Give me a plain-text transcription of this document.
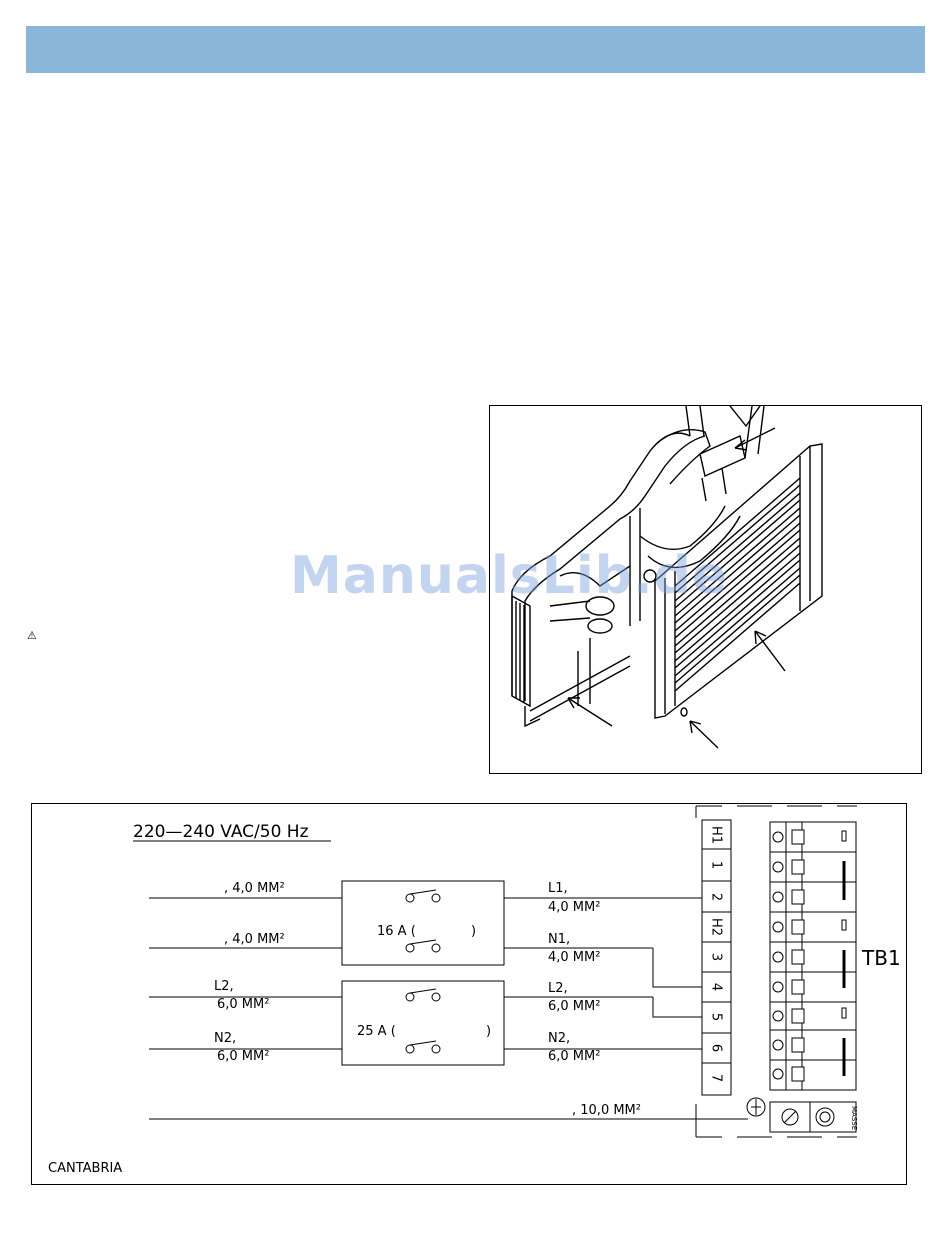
⚠
ManualsLib.de
220—240 VAC/50 Hz
, 4,0 MM²
, 4,0 MM²
L2,
6,0 MM²
N2,
6,0 MM²
, 10,0 MM²
L1,
4,0 MM²
N1,
4,0 MM²
L2,
6,0 MM²
N2,
6,0 MM²
16 A (	)
25 A (	)
TB1
CANTABRIA
MASSE
H1
1
2
H2
3
4
5
6
7
